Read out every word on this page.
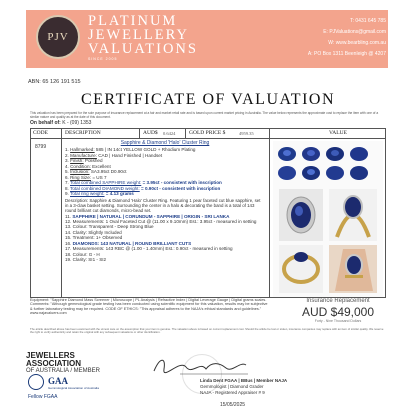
PJV
PLATINUM
JEWELLERY
VALUATIONS
SINCE 2005
T: 0431 645 785
E: PJValuations@gmail.com
W: www.bearbling.com.au
A: PO Box 1311 Beenleigh @ 4207
ABN: 65 126 191 515
CERTIFICATE OF VALUATION
This valuation has been prepared for the sole purpose of insurance replacement at a fair and market retail rate and is based upon current market pricing in Australia. The value below represents the approximate cost to replace the item with one of a similar nature and quality as at the date of this document.
On behalf of: K - (09) 1353
CODE	DESCRIPTION	AUD$ 0.6424 GOLD PRICE $	4959.35	VALUE
8799
Sapphire & Diamond 'Halo' Cluster Ring
1. Hallmarked: 585 | IN 14ct YELLOW GOLD + Rhodium Plating
2. Manufacture: CAD | Hand Finished | Handset
3. Finish: Polished
4. Condition: Excellent
5. Inclusion: SA3.95ct D0.90ct
6. Ring Size: = US 7
7. Total combined SAPPHIRE weight: = 3.95ct - consistent with inscription
8. Total combined DIAMOND weight: = 0.90ct - consistent with inscription
9. Total ring weight: = 4.13 grams
Description: Sapphire & Diamond 'Halo' Cluster Ring. Featuring 1 pear faceted cut blue sapphire, set in a 3-claw basket setting. Surrounding the center in a halo & decorating the band is a total of 143 round brilliant cut diamonds, micro-bead set.
11. SAPPHIRE | NATURAL | CORUNDUM - SAPPHIRE | ORIGIN - SRI LANKA
12. Measurements: 1 Oval Faceted Cut @ (11.00 x 9.10mm) Est.: 3.95ct - measured in setting
13. Colour: Transparent - Deep Strong Blue
14. Clarity: Slightly Included
15. Treatment: 1+ Observed
16. DIAMONDS: 143 NATURAL | ROUND BRILLIANT CUTS
17. Measurements: 143 RBC @ (1.00 - 1.40mm) Est.: 0.90ct - measured in setting
18. Colour: G - H
19. Clarity: SI1 - SI2
Equipment: "Sapphire Diamond Mass Screener | Microscope | PL Analysis | Refractive Index | Digital Leverage Gauge | Digital grams scales. Comments: "Although gemmological grade testing has been conducted using scientific equipment for this valuation, results may be subjective & further laboratory testing may be required. CODE OF ETHICS: "This appraisal adheres to the NAJA's ethical standards and guidelines." www.najavaluers.com
Insurance Replacement
AUD $49,000
Forty - Nine Thousand Dollars
The article described above has been examined with the utmost care on the assumption that your item is genuine. The valuation above is based on current replacement cost. Should the article be lost or stolen, insurance companies may replace with an item of similar quality. We reserve the right to verify authenticity and retain the original with any subsequent valuations or other identification.
JEWELLERS
ASSOCIATION
OF AUSTRALIA / MEMBER
GAA
Gemmological Association of Australia
Fellow FGAA
Linda Dent FGAA | BBus | Member NAJA
Gemmologist | Diamond Grader
NAJA - Registered Appraiser # 9
15/05/2025
